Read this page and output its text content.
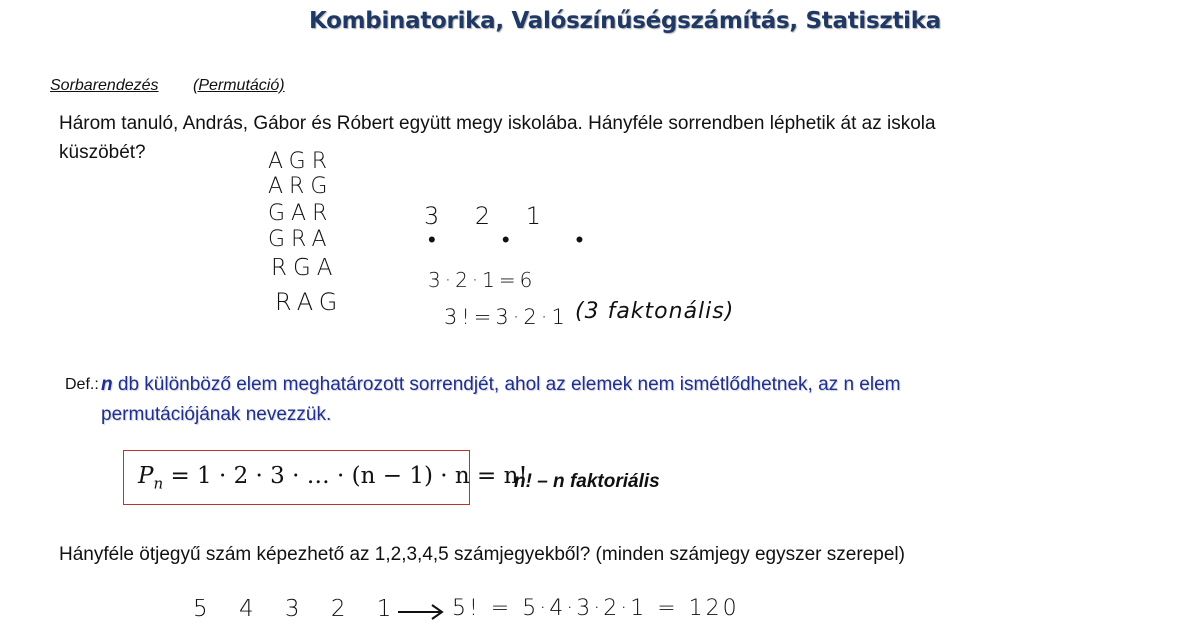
Kombinatorika, Valószínűségszámítás, Statisztika
Sorbarendezés (Permutáció)
Három tanuló, András, Gábor és Róbert együtt megy iskolába. Hányféle sorrendben léphetik át az iskola
küszöbét?	AGR
ARG
GAR
GRA
RGA
RAG
3 2 1
• • •
3·2·1=6
3!=3·2·1 (3 faktonális)
Def.: n db különböző elem meghatározott sorrendjét, ahol az elemek nem ismétlődhetnek, az n elem
permutációjának nevezzük.
$P_n = 1 \cdot 2 \cdot 3$ · … · (n − 1) · n = n!
n! – n faktoriális
Hányféle ötjegyű szám képezhető az 1,2,3,4,5 számjegyekből? (minden számjegy egyszer szerepel)
5 4 3 2 1 5! = 5·4·3·2·1 = 120
